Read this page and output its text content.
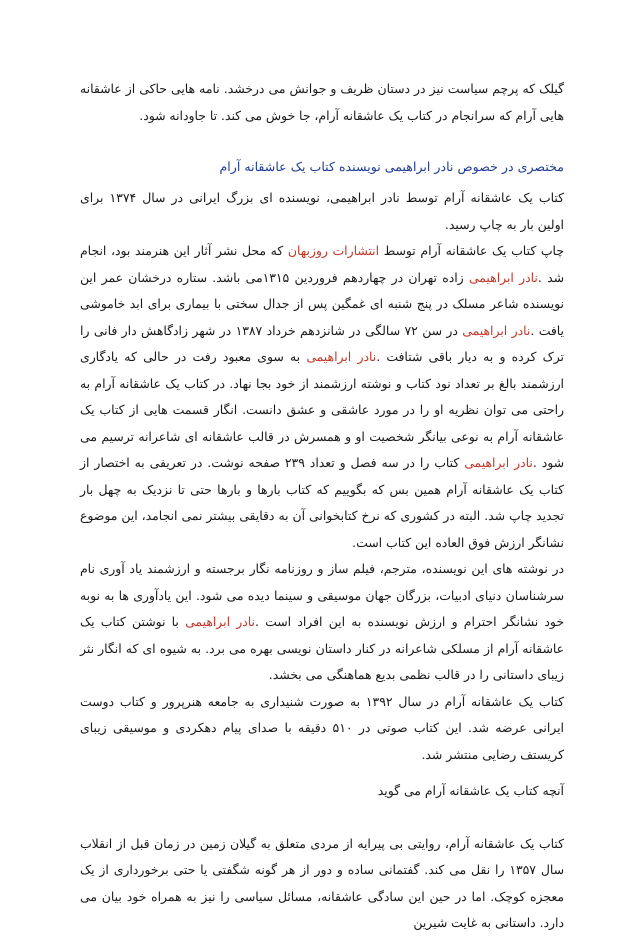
گیلک که پرچم سیاست نیز در دستان ظریف و جوانش می درخشد. نامه هایی حاکی از عاشقانه هایی آرام که سرانجام در کتاب یک عاشقانه آرام، جا خوش می کند. تا جاودانه شود.

مختصری در خصوص نادر ابراهیمی نویسنده کتاب یک عاشقانه آرام

کتاب یک عاشقانه آرام توسط نادر ابراهیمی، نویسنده ای بزرگ ایرانی در سال ۱۳۷۴ برای اولین بار به چاپ رسید.

چاپ کتاب یک عاشقانه آرام توسط انتشارات روزبهان که محل نشر آثار این هنرمند بود، انجام شد .نادر ابراهیمی زاده تهران در چهاردهم فروردین ۱۳۱۵می باشد. ستاره درخشان عمر این نویسنده شاعر مسلک در پنج شنبه ای غمگین پس از جدال سختی با بیماری برای ابد خاموشی یافت .نادر ابراهیمی در سن ۷۲ سالگی در شانزدهم خرداد ۱۳۸۷ در شهر زادگاهش دار فانی را ترک کرده و به دیار باقی شتافت .نادر ابراهیمی به سوی معبود رفت در حالی که یادگاری ارزشمند بالغ بر تعداد نود کتاب و نوشته ارزشمند از خود بجا نهاد. در کتاب یک عاشقانه آرام به راحتی می توان نظریه او را در مورد عاشقی و عشق دانست. انگار قسمت هایی از کتاب یک عاشقانه آرام به نوعی بیانگر شخصیت او و همسرش در قالب عاشقانه ای شاعرانه ترسیم می شود .نادر ابراهیمی کتاب را در سه فصل و تعداد ۲۳۹ صفحه نوشت. در تعریفی به اختصار از کتاب یک عاشقانه آرام همین بس که بگوییم که کتاب بارها و بارها حتی تا نزدیک به چهل بار تجدید چاپ شد. البته در کشوری که نرخ کتابخوانی آن به دقایقی بیشتر نمی انجامد، این موضوع نشانگر ارزش فوق العاده این کتاب است.

در نوشته های این نویسنده، مترجم، فیلم ساز و روزنامه نگار برجسته و ارزشمند یاد آوری نام سرشناسان دنیای ادبیات، بزرگان جهان موسیقی و سینما دیده می شود. این یادآوری ها به نوبه خود نشانگر احترام و ارزش نویسنده به این افراد است .نادر ابراهیمی با نوشتن کتاب یک عاشقانه آرام از مسلکی شاعرانه در کنار داستان نویسی بهره می برد. به شیوه ای که انگار نثر زیبای داستانی را در قالب نظمی بدیع هماهنگی می بخشد.

کتاب یک عاشقانه آرام در سال ۱۳۹۲ به صورت شنیداری به جامعه هنرپرور و کتاب دوست ایرانی عرضه شد. این کتاب صوتی در ۵۱۰ دقیقه با صدای پیام دهکردی و موسیقی زیبای کریستف رضایی منتشر شد.

آنچه کتاب یک عاشقانه آرام می گوید

کتاب یک عاشقانه آرام، روایتی بی پیرایه از مردی متعلق به گیلان زمین در زمان قبل از انقلاب سال ۱۳۵۷ را نقل می کند. گفتمانی ساده و دور از هر گونه شگفتی یا حتی برخورداری از یک معجزه کوچک. اما در حین این سادگی عاشقانه، مسائل سیاسی را نیز به همراه خود بیان می دارد. داستانی به غایت شیرین
